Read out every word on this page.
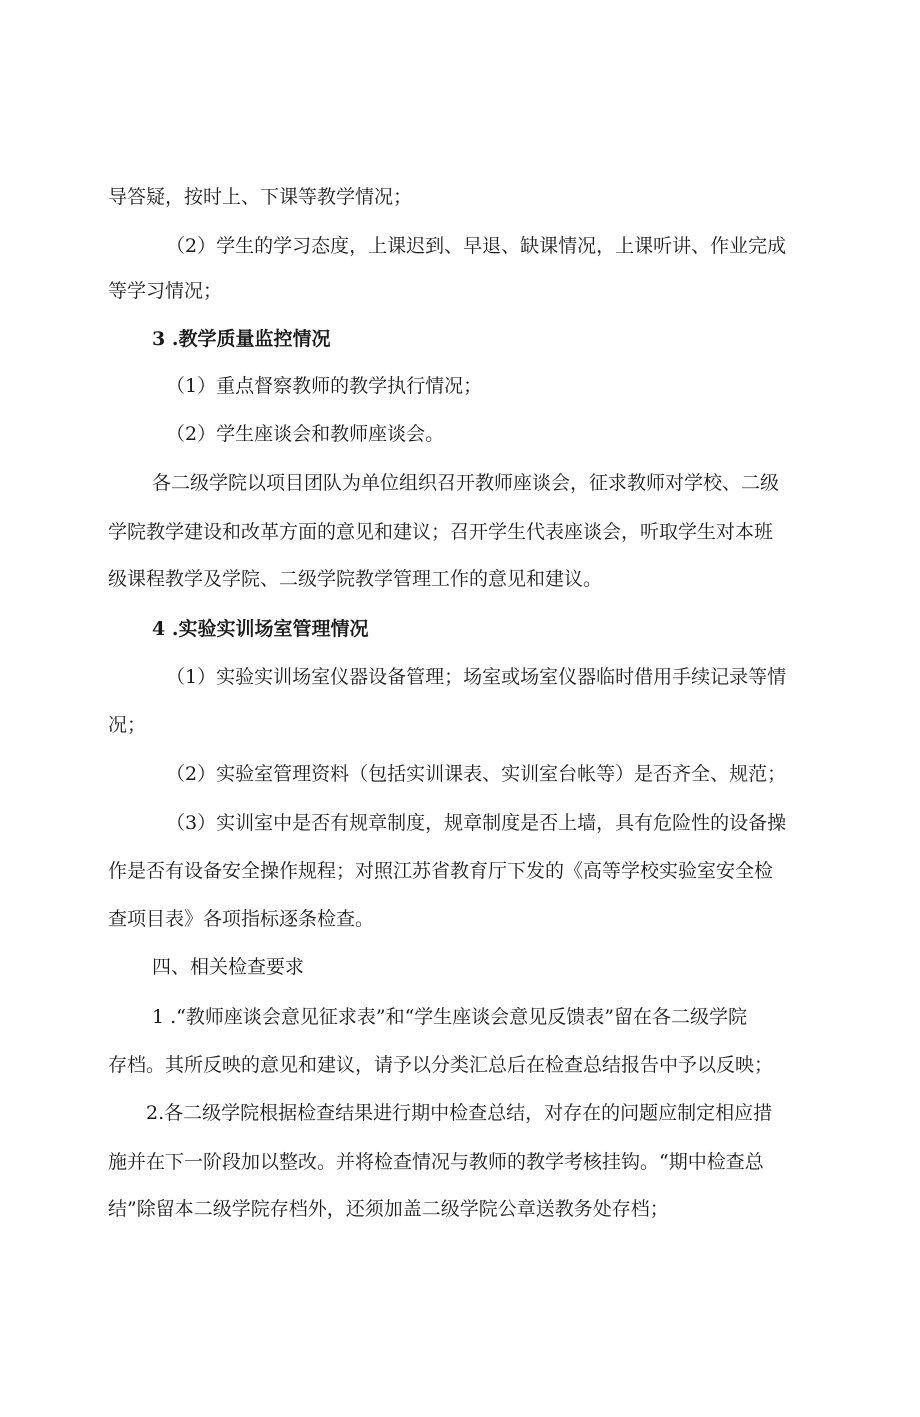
导答疑，按时上、下课等教学情况；
（2）学生的学习态度，上课迟到、早退、缺课情况，上课听讲、作业完成
等学习情况；
3 .教学质量监控情况
（1）重点督察教师的教学执行情况；
（2）学生座谈会和教师座谈会。
各二级学院以项目团队为单位组织召开教师座谈会，征求教师对学校、二级
学院教学建设和改革方面的意见和建议；召开学生代表座谈会，听取学生对本班
级课程教学及学院、二级学院教学管理工作的意见和建议。
4 .实验实训场室管理情况
（1）实验实训场室仪器设备管理；场室或场室仪器临时借用手续记录等情
况；
（2）实验室管理资料（包括实训课表、实训室台帐等）是否齐全、规范；
（3）实训室中是否有规章制度，规章制度是否上墙，具有危险性的设备操
作是否有设备安全操作规程；对照江苏省教育厅下发的《高等学校实验室安全检
查项目表》各项指标逐条检查。
四、相关检查要求
1 .“教师座谈会意见征求表”和“学生座谈会意见反馈表”留在各二级学院
存档。其所反映的意见和建议，请予以分类汇总后在检查总结报告中予以反映；
2.各二级学院根据检查结果进行期中检查总结，对存在的问题应制定相应措
施并在下一阶段加以整改。并将检查情况与教师的教学考核挂钩。“期中检查总
结”除留本二级学院存档外，还须加盖二级学院公章送教务处存档；
